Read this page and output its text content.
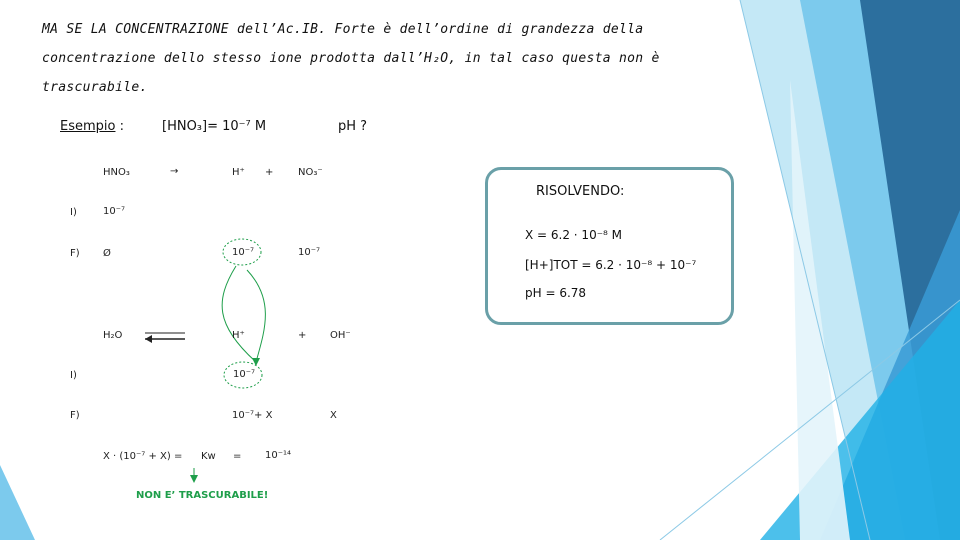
MA SE LA CONCENTRAZIONE dell’Ac.IB. Forte è dell’ordine di grandezza della
concentrazione dello stesso ione prodotta dall’H₂O, in tal caso questa non è
trascurabile.
Esempio :	[HNO₃]= 10⁻⁷ M	pH ?
HNO₃	→	H⁺ + NO₃⁻
I)	10⁻⁷
F) Ø	10⁻⁷	10⁻⁷
H₂O	H⁺	+ OH⁻
I)	10⁻⁷
F)	10⁻⁷+ X	X
X · (10⁻⁷ + X) = Kw = 10⁻¹⁴
NON E’ TRASCURABILE!
RISOLVENDO:
X = 6.2 · 10⁻⁸ M
[H+]TOT = 6.2 · 10⁻⁸ + 10⁻⁷
pH = 6.78
